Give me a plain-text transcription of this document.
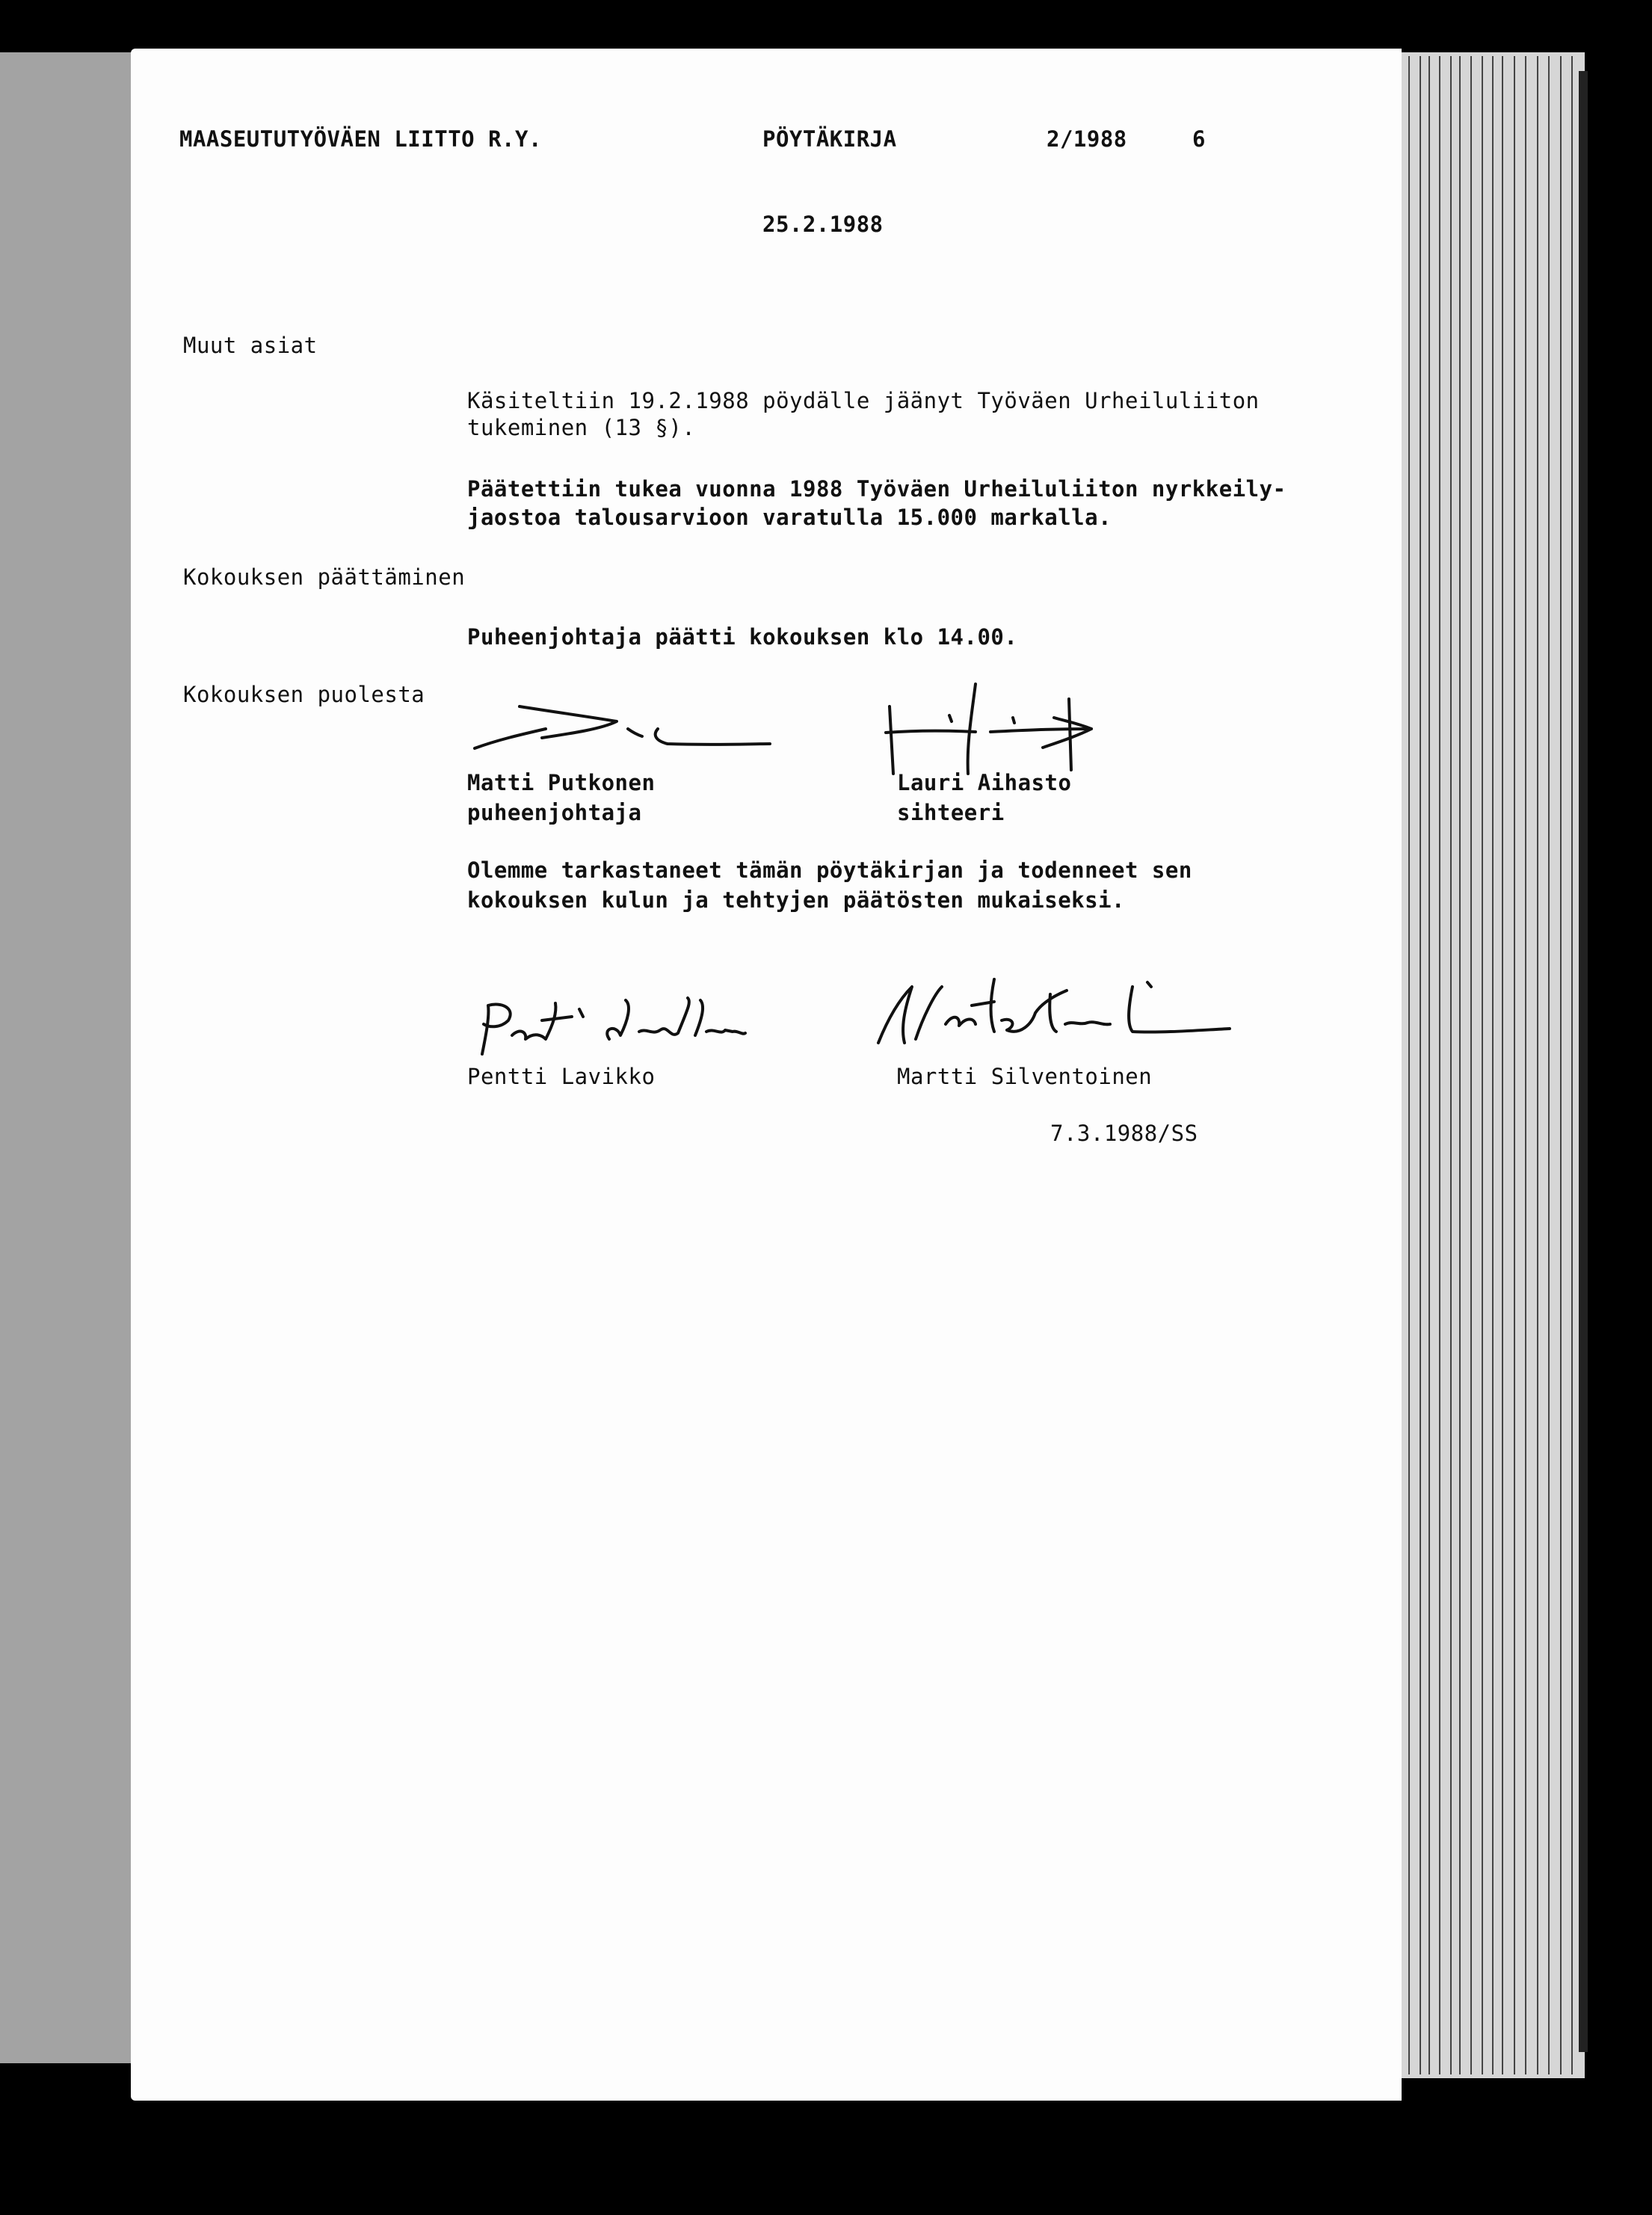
MAASEUTUTYÖVÄEN LIITTO R.Y.	PÖYTÄKIRJA	2/1988	6
25.2.1988
Muut asiat
Käsiteltiin 19.2.1988 pöydälle jäänyt Työväen Urheiluliiton
tukeminen (13 §).
Päätettiin tukea vuonna 1988 Työväen Urheiluliiton nyrkkeily-
jaostoa talousarvioon varatulla 15.000 markalla.
Kokouksen päättäminen
Puheenjohtaja päätti kokouksen klo 14.00.
Kokouksen puolesta
Matti Putkonen
puheenjohtaja
Lauri Aihasto
sihteeri
Olemme tarkastaneet tämän pöytäkirjan ja todenneet sen
kokouksen kulun ja tehtyjen päätösten mukaiseksi.
Pentti Lavikko	Martti Silventoinen
7.3.1988/SS
